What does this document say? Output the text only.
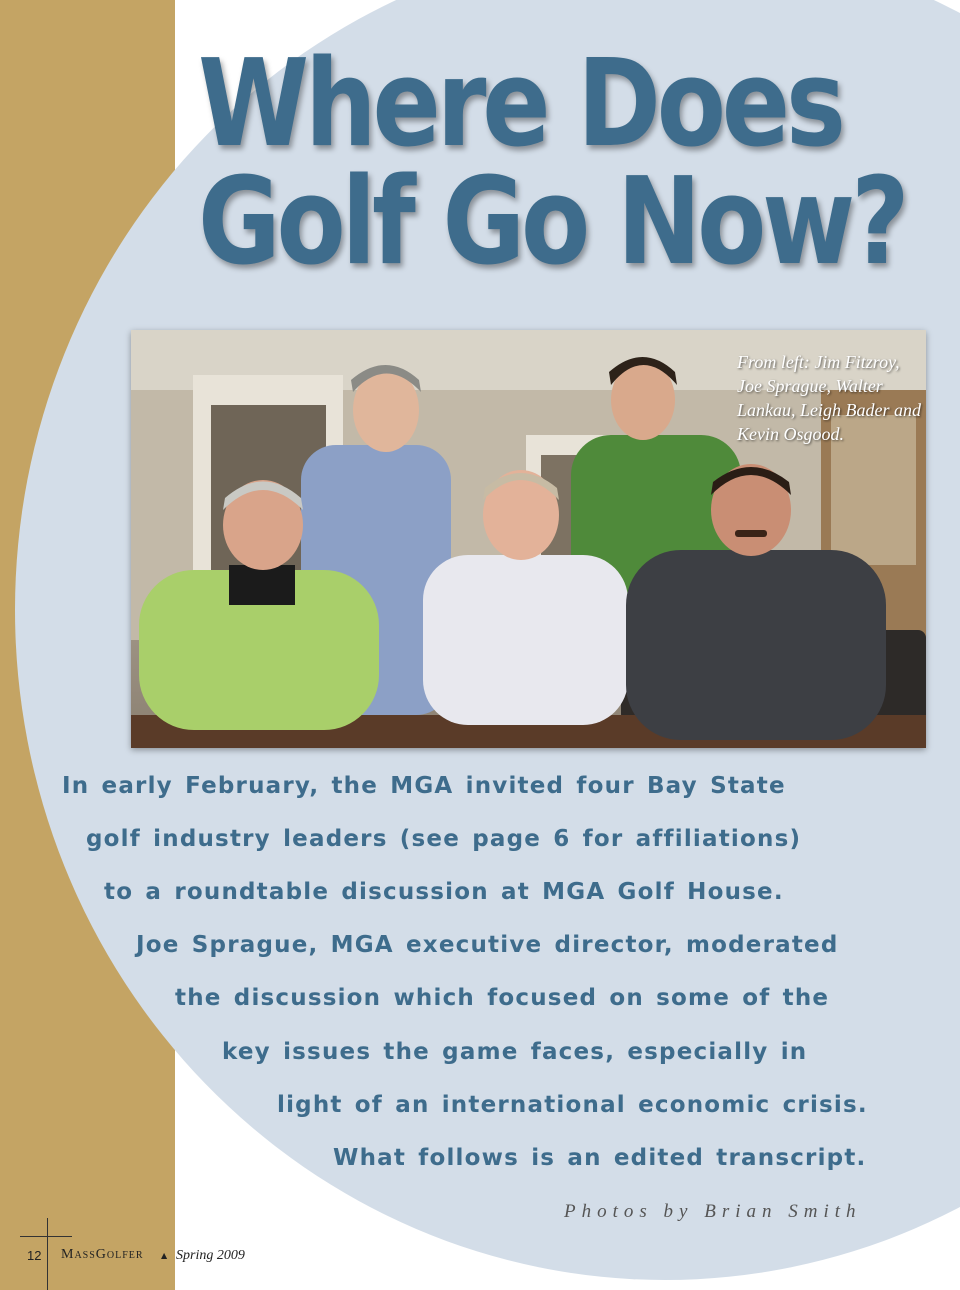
Where Does
Golf Go Now?
From left: Jim Fitzroy, Joe Sprague, Walter Lankau, Leigh Bader and Kevin Osgood.

In early February, the MGA invited four Bay State

golf industry leaders (see page 6 for affiliations)

to a roundtable discussion at MGA Golf House.

Joe Sprague, MGA executive director, moderated

the discussion which focused on some of the

key issues the game faces, especially in

light of an international economic crisis.

What follows is an edited transcript.

Photos by Brian Smith
12 MassGolfer ▲ Spring 2009
